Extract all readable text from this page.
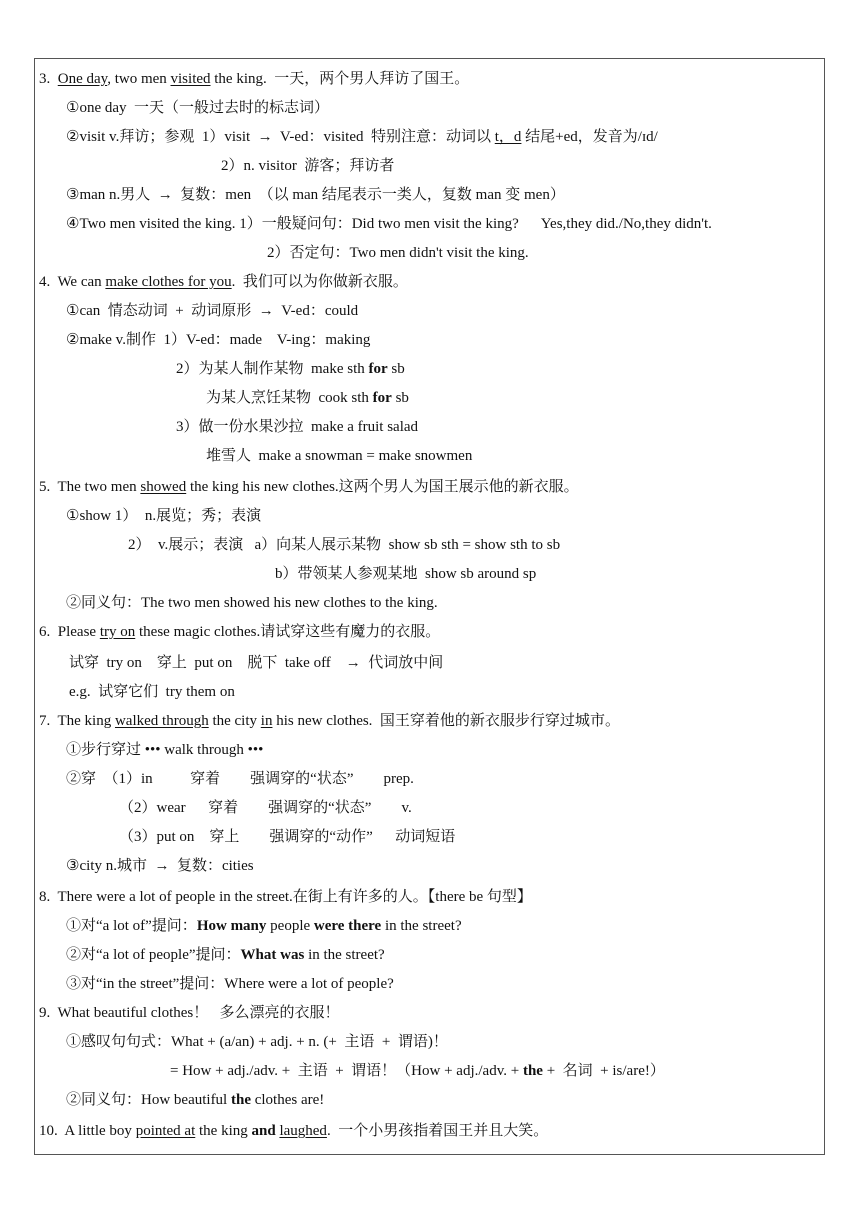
3.  One day, two men visited the king.  一天，两个男人拜访了国王。
①one day  一天（一般过去时的标志词）
②visit v.拜访；参观  1）visit  →  V-ed：visited  特别注意：动词以 t，d 结尾+ed，发音为/ɪd/
2）n. visitor  游客；拜访者
③man n.男人  →  复数：men  （以 man 结尾表示一类人，复数 man 变 men）
④Two men visited the king. 1）一般疑问句：Did two men visit the king?      Yes,they did./No,they didn't.
2）否定句：Two men didn't visit the king.
4.  We can make clothes for you.  我们可以为你做新衣服。
①can  情态动词  +  动词原形  →  V-ed：could
②make v.制作  1）V-ed：made    V-ing：making
2）为某人制作某物  make sth for sb
为某人烹饪某物  cook sth for sb
3）做一份水果沙拉  make a fruit salad
堆雪人  make a snowman = make snowmen
5.  The two men showed the king his new clothes.这两个男人为国王展示他的新衣服。
①show 1）  n.展览；秀；表演
2）  v.展示；表演   a）向某人展示某物  show sb sth = show sth to sb
b）带领某人参观某地  show sb around sp
②同义句：The two men showed his new clothes to the king.
6.  Please try on these magic clothes.请试穿这些有魔力的衣服。
试穿  try on    穿上  put on    脱下  take off    →  代词放中间
e.g.  试穿它们  try them on
7.  The king walked through the city in his new clothes.  国王穿着他的新衣服步行穿过城市。
①步行穿过 ••• walk through •••
②穿  （1）in          穿着        强调穿的“状态”        prep.
（2）wear      穿着        强调穿的“状态”        v.
（3）put on    穿上        强调穿的“动作”      动词短语
③city n.城市  →  复数：cities
8.  There were a lot of people in the street.在街上有许多的人。【there be 句型】
①对“a lot of”提问：How many people were there in the street?
②对“a lot of people”提问：What was in the street?
③对“in the street”提问：Where were a lot of people?
9.  What beautiful clothes！   多么漂亮的衣服！
①感叹句句式：What + (a/an) + adj. + n. (+  主语  +  谓语)！
= How + adj./adv. +  主语  +  谓语！（How + adj./adv. + the +  名词  + is/are!）
②同义句：How beautiful the clothes are!
10.  A little boy pointed at the king and laughed.  一个小男孩指着国王并且大笑。
